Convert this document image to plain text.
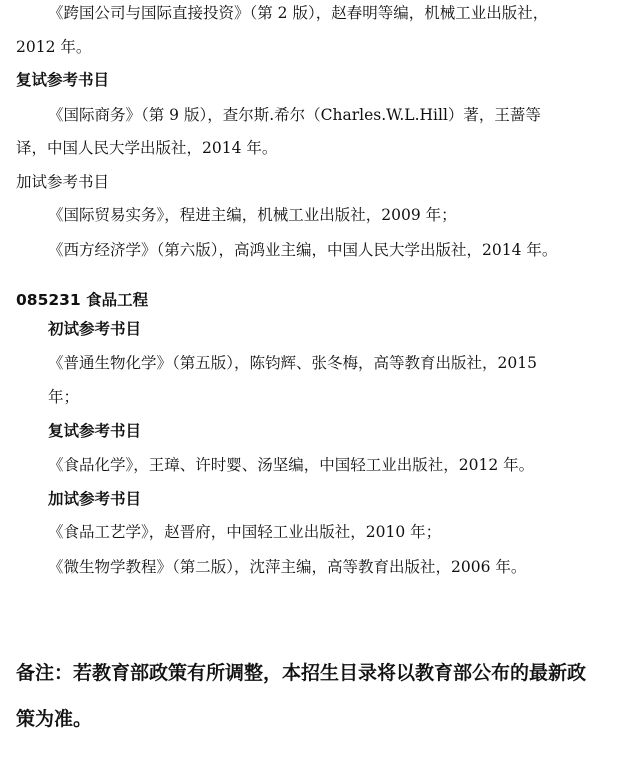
《跨国公司与国际直接投资》（第 2 版），赵春明等编，机械工业出版社，
2012 年。
复试参考书目
《国际商务》（第 9 版），查尔斯.希尔（Charles.W.L.Hill）著，王蔷等
译，中国人民大学出版社，2014 年。
加试参考书目
《国际贸易实务》，程进主编，机械工业出版社，2009 年；
《西方经济学》（第六版），高鸿业主编，中国人民大学出版社，2014 年。
085231 食品工程
初试参考书目
《普通生物化学》（第五版），陈钧辉、张冬梅，高等教育出版社，2015
年；
复试参考书目
《食品化学》，王璋、许时婴、汤坚编，中国轻工业出版社，2012 年。
加试参考书目
《食品工艺学》，赵晋府，中国轻工业出版社，2010 年；
《微生物学教程》（第二版），沈萍主编，高等教育出版社，2006 年。
备注：若教育部政策有所调整，本招生目录将以教育部公布的最新政
策为准。
